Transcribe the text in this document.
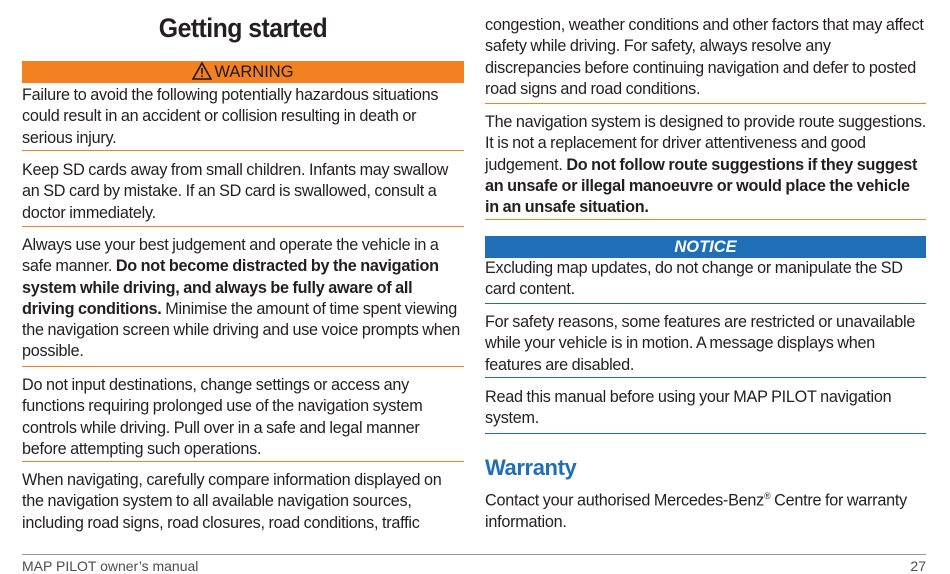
Getting started
WARNING

Failure to avoid the following potentially hazardous situations could result in an accident or collision resulting in death or serious injury.

Keep SD cards away from small children. Infants may swallow an SD card by mistake. If an SD card is swallowed, consult a doctor immediately.

Always use your best judgement and operate the vehicle in a safe manner. Do not become distracted by the navigation system while driving, and always be fully aware of all driving conditions. Minimise the amount of time spent viewing the navigation screen while driving and use voice prompts when possible.

Do not input destinations, change settings or access any functions requiring prolonged use of the navigation system controls while driving. Pull over in a safe and legal manner before attempting such operations.

When navigating, carefully compare information displayed on the navigation system to all available navigation sources, including road signs, road closures, road conditions, traffic

congestion, weather conditions and other factors that may affect safety while driving. For safety, always resolve any discrepancies before continuing navigation and defer to posted road signs and road conditions.

The navigation system is designed to provide route suggestions. It is not a replacement for driver attentiveness and good judgement. Do not follow route suggestions if they suggest an unsafe or illegal manoeuvre or would place the vehicle in an unsafe situation.

NOTICE

Excluding map updates, do not change or manipulate the SD card content.

For safety reasons, some features are restricted or unavailable while your vehicle is in motion. A message displays when features are disabled.

Read this manual before using your MAP PILOT navigation system.

Warranty

Contact your authorised Mercedes-Benz® Centre for warranty information.

MAP PILOT owner’s manual	27
